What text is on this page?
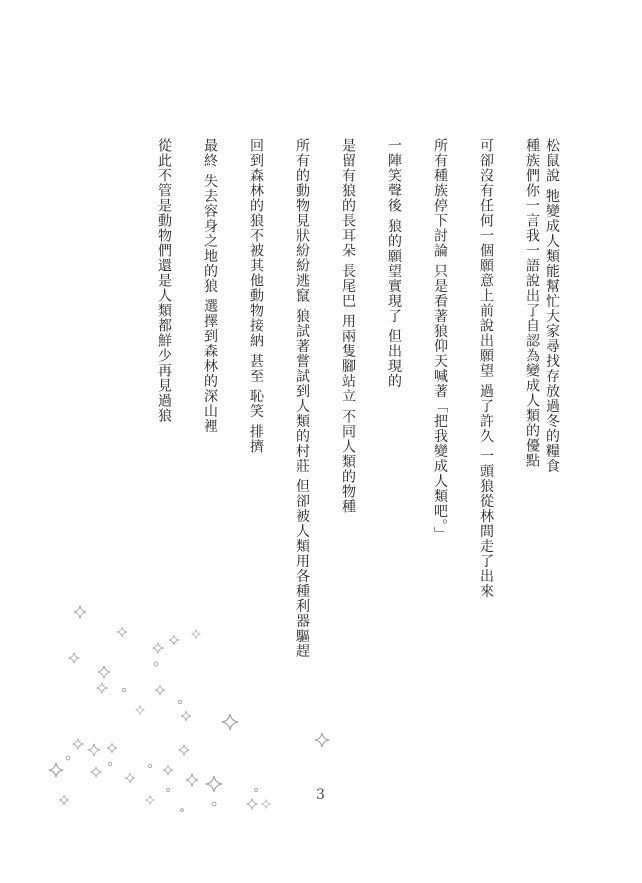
松鼠說 牠變成人類能幫忙大家尋找存放過冬的糧食

種族們你一言我一語說出了自認為變成人類的優點

可卻沒有任何一個願意上前說出願望 過了許久 一頭狼從林間走了出來

所有種族停下討論 只是看著狼仰天喊著「把我變成人類吧。」

一陣笑聲後 狼的願望實現了 但出現的

是留有狼的長耳朵 長尾巴 用兩隻腳站立 不同人類的物種

所有的動物見狀紛紛逃竄 狼試著嘗試到人類的村莊 但卻被人類用各種利器驅趕

回到森林的狼不被其他動物接納 甚至 恥笑 排擠

最終 失去容身之地的狼 選擇到森林的深山裡

從此不管是動物們還是人類都鮮少再見過狼

3
